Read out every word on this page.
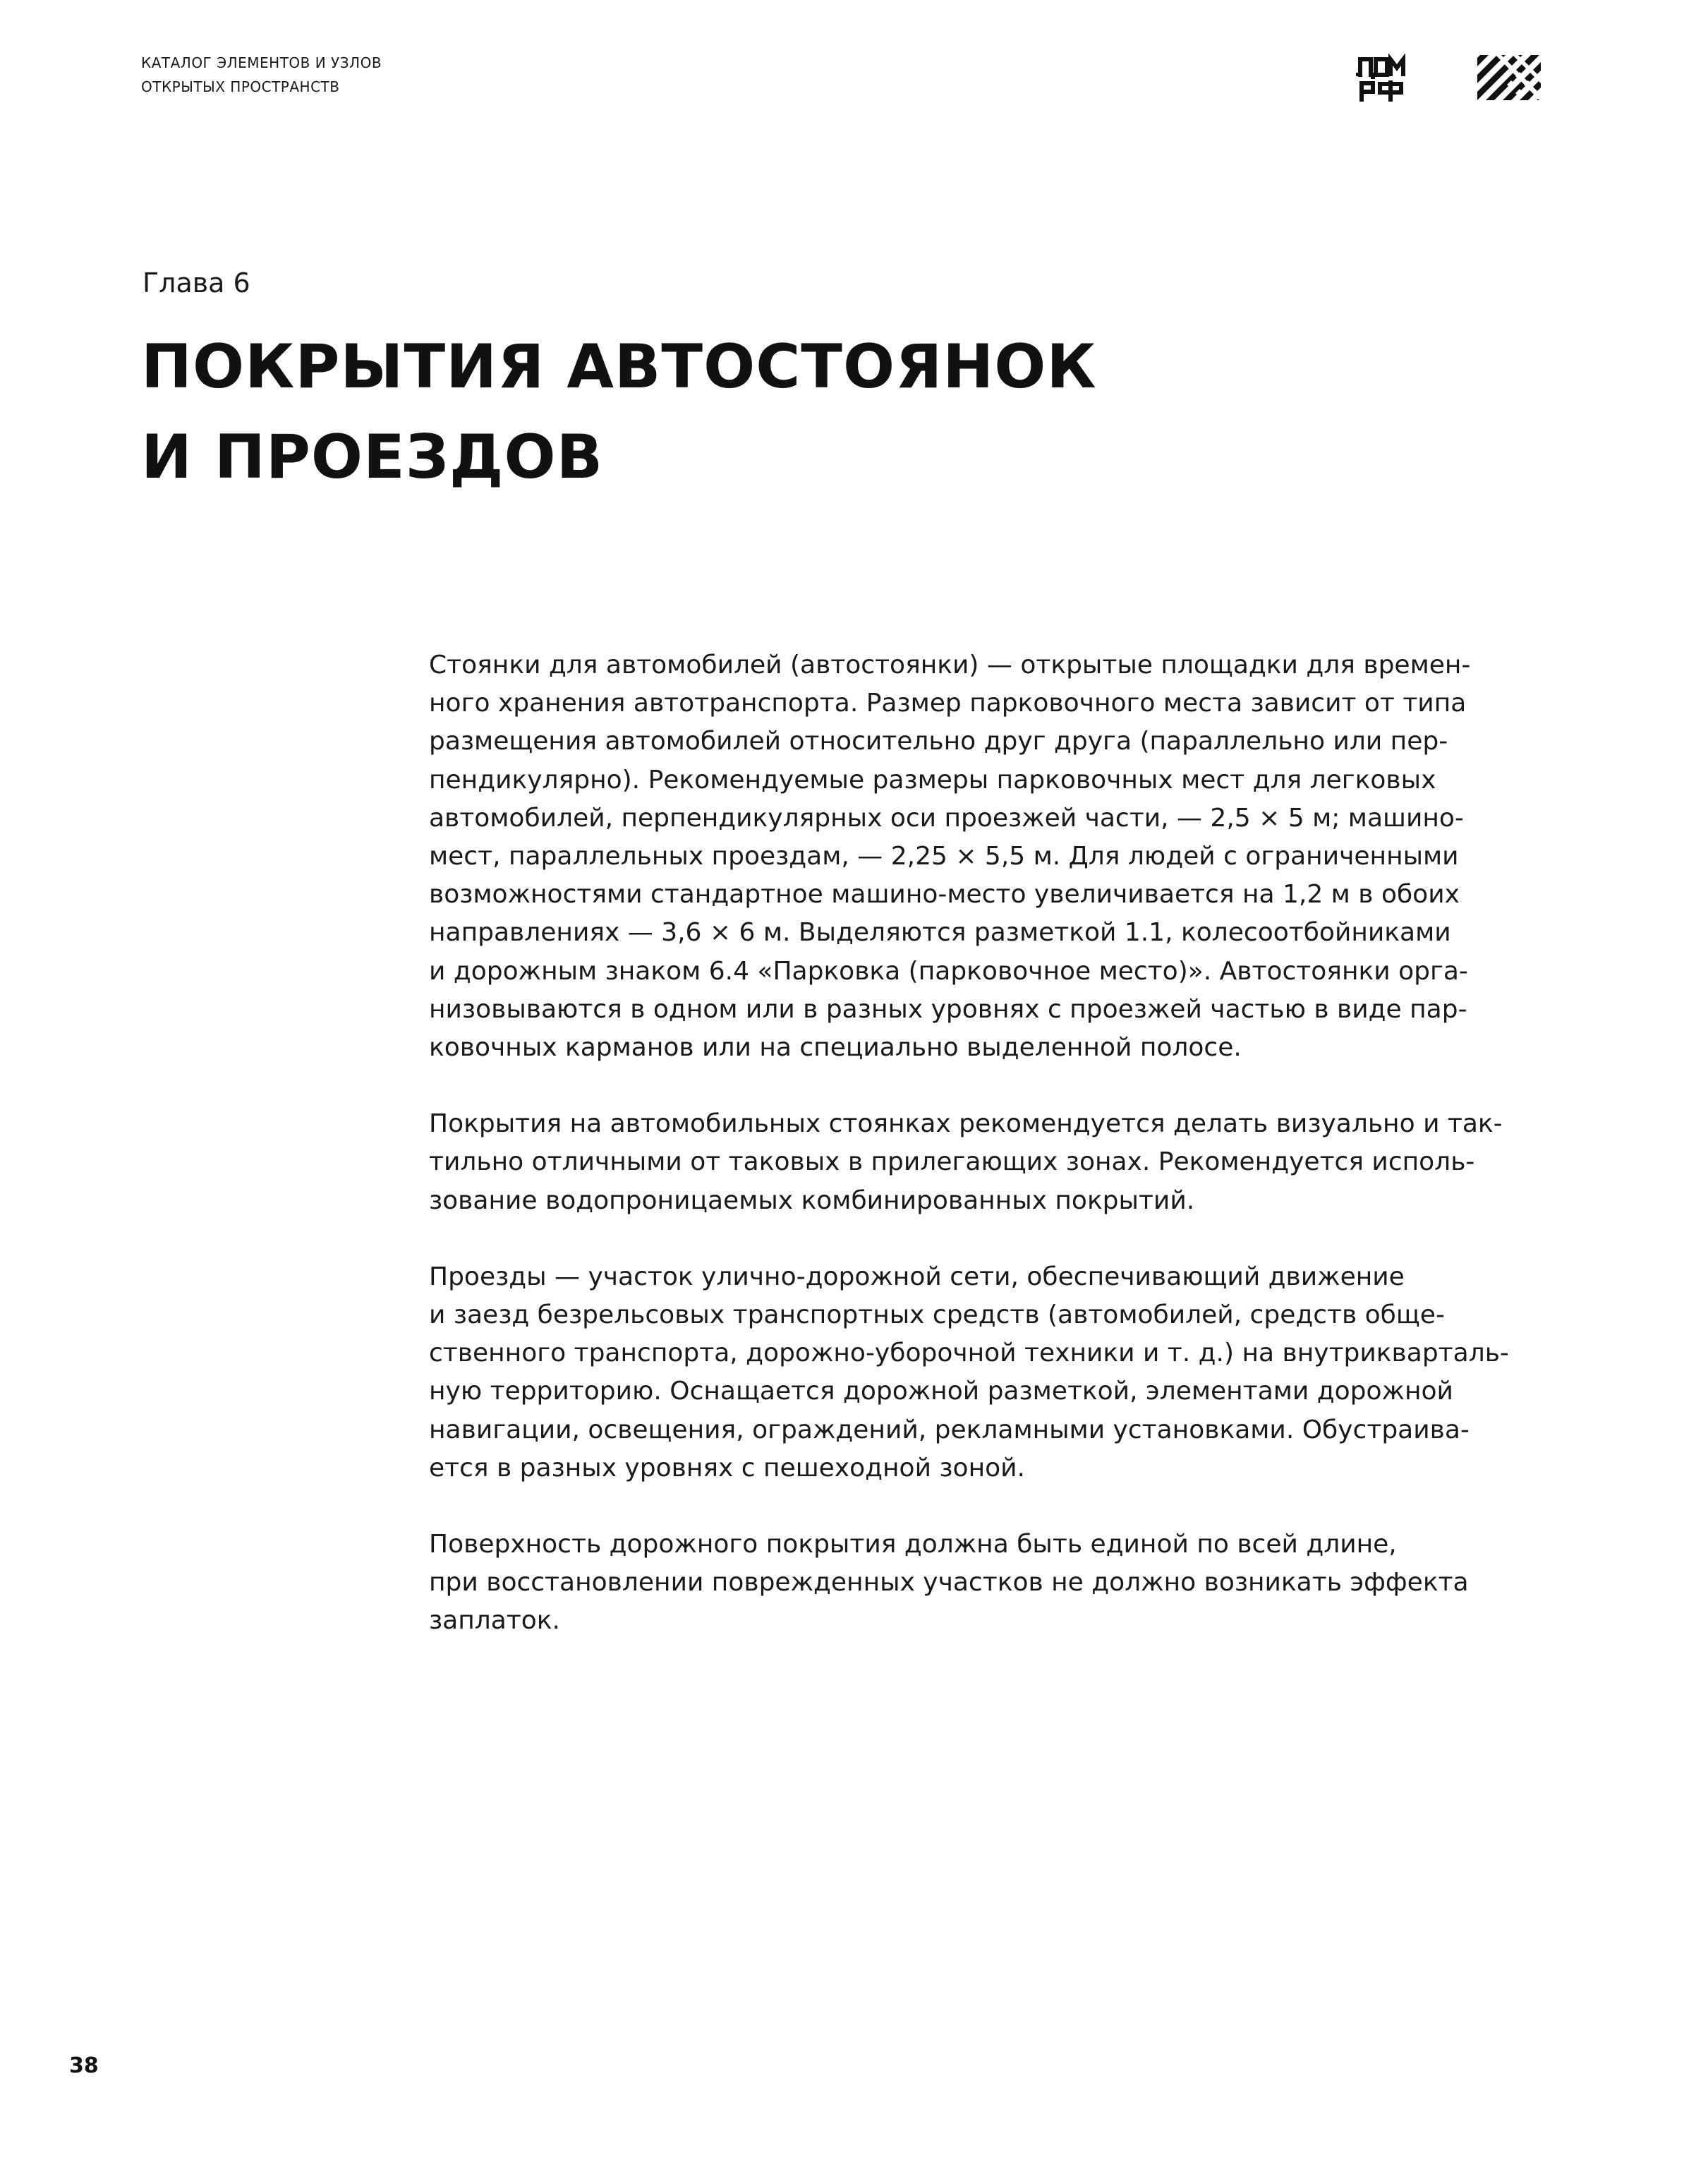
КАТАЛОГ ЭЛЕМЕНТОВ И УЗЛОВ
ОТКРЫТЫХ ПРОСТРАНСТВ
Глава 6
ПОКРЫТИЯ АВТОСТОЯНОК
И ПРОЕЗДОВ

Стоянки для автомобилей (автостоянки) — открытые площадки для времен-
ного хранения автотранспорта. Размер парковочного места зависит от типа
размещения автомобилей относительно друг друга (параллельно или пер-
пендикулярно). Рекомендуемые размеры парковочных мест для легковых
автомобилей, перпендикулярных оси проезжей части, — 2,5 × 5 м; машино-
мест, параллельных проездам, — 2,25 × 5,5 м. Для людей с ограниченными
возможностями стандартное машино-место увеличивается на 1,2 м в обоих
направлениях — 3,6 × 6 м. Выделяются разметкой 1.1, колесоотбойниками
и дорожным знаком 6.4 «Парковка (парковочное место)». Автостоянки орга-
низовываются в одном или в разных уровнях с проезжей частью в виде пар-
ковочных карманов или на специально выделенной полосе.

Покрытия на автомобильных стоянках рекомендуется делать визуально и так-
тильно отличными от таковых в прилегающих зонах. Рекомендуется исполь-
зование водопроницаемых комбинированных покрытий.

Проезды — участок улично-дорожной сети, обеспечивающий движение
и заезд безрельсовых транспортных средств (автомобилей, средств обще-
ственного транспорта, дорожно-уборочной техники и т. д.) на внутрикварталь-
ную территорию. Оснащается дорожной разметкой, элементами дорожной
навигации, освещения, ограждений, рекламными установками. Обустраива-
ется в разных уровнях с пешеходной зоной.

Поверхность дорожного покрытия должна быть единой по всей длине,
при восстановлении поврежденных участков не должно возникать эффекта
заплаток.

38
